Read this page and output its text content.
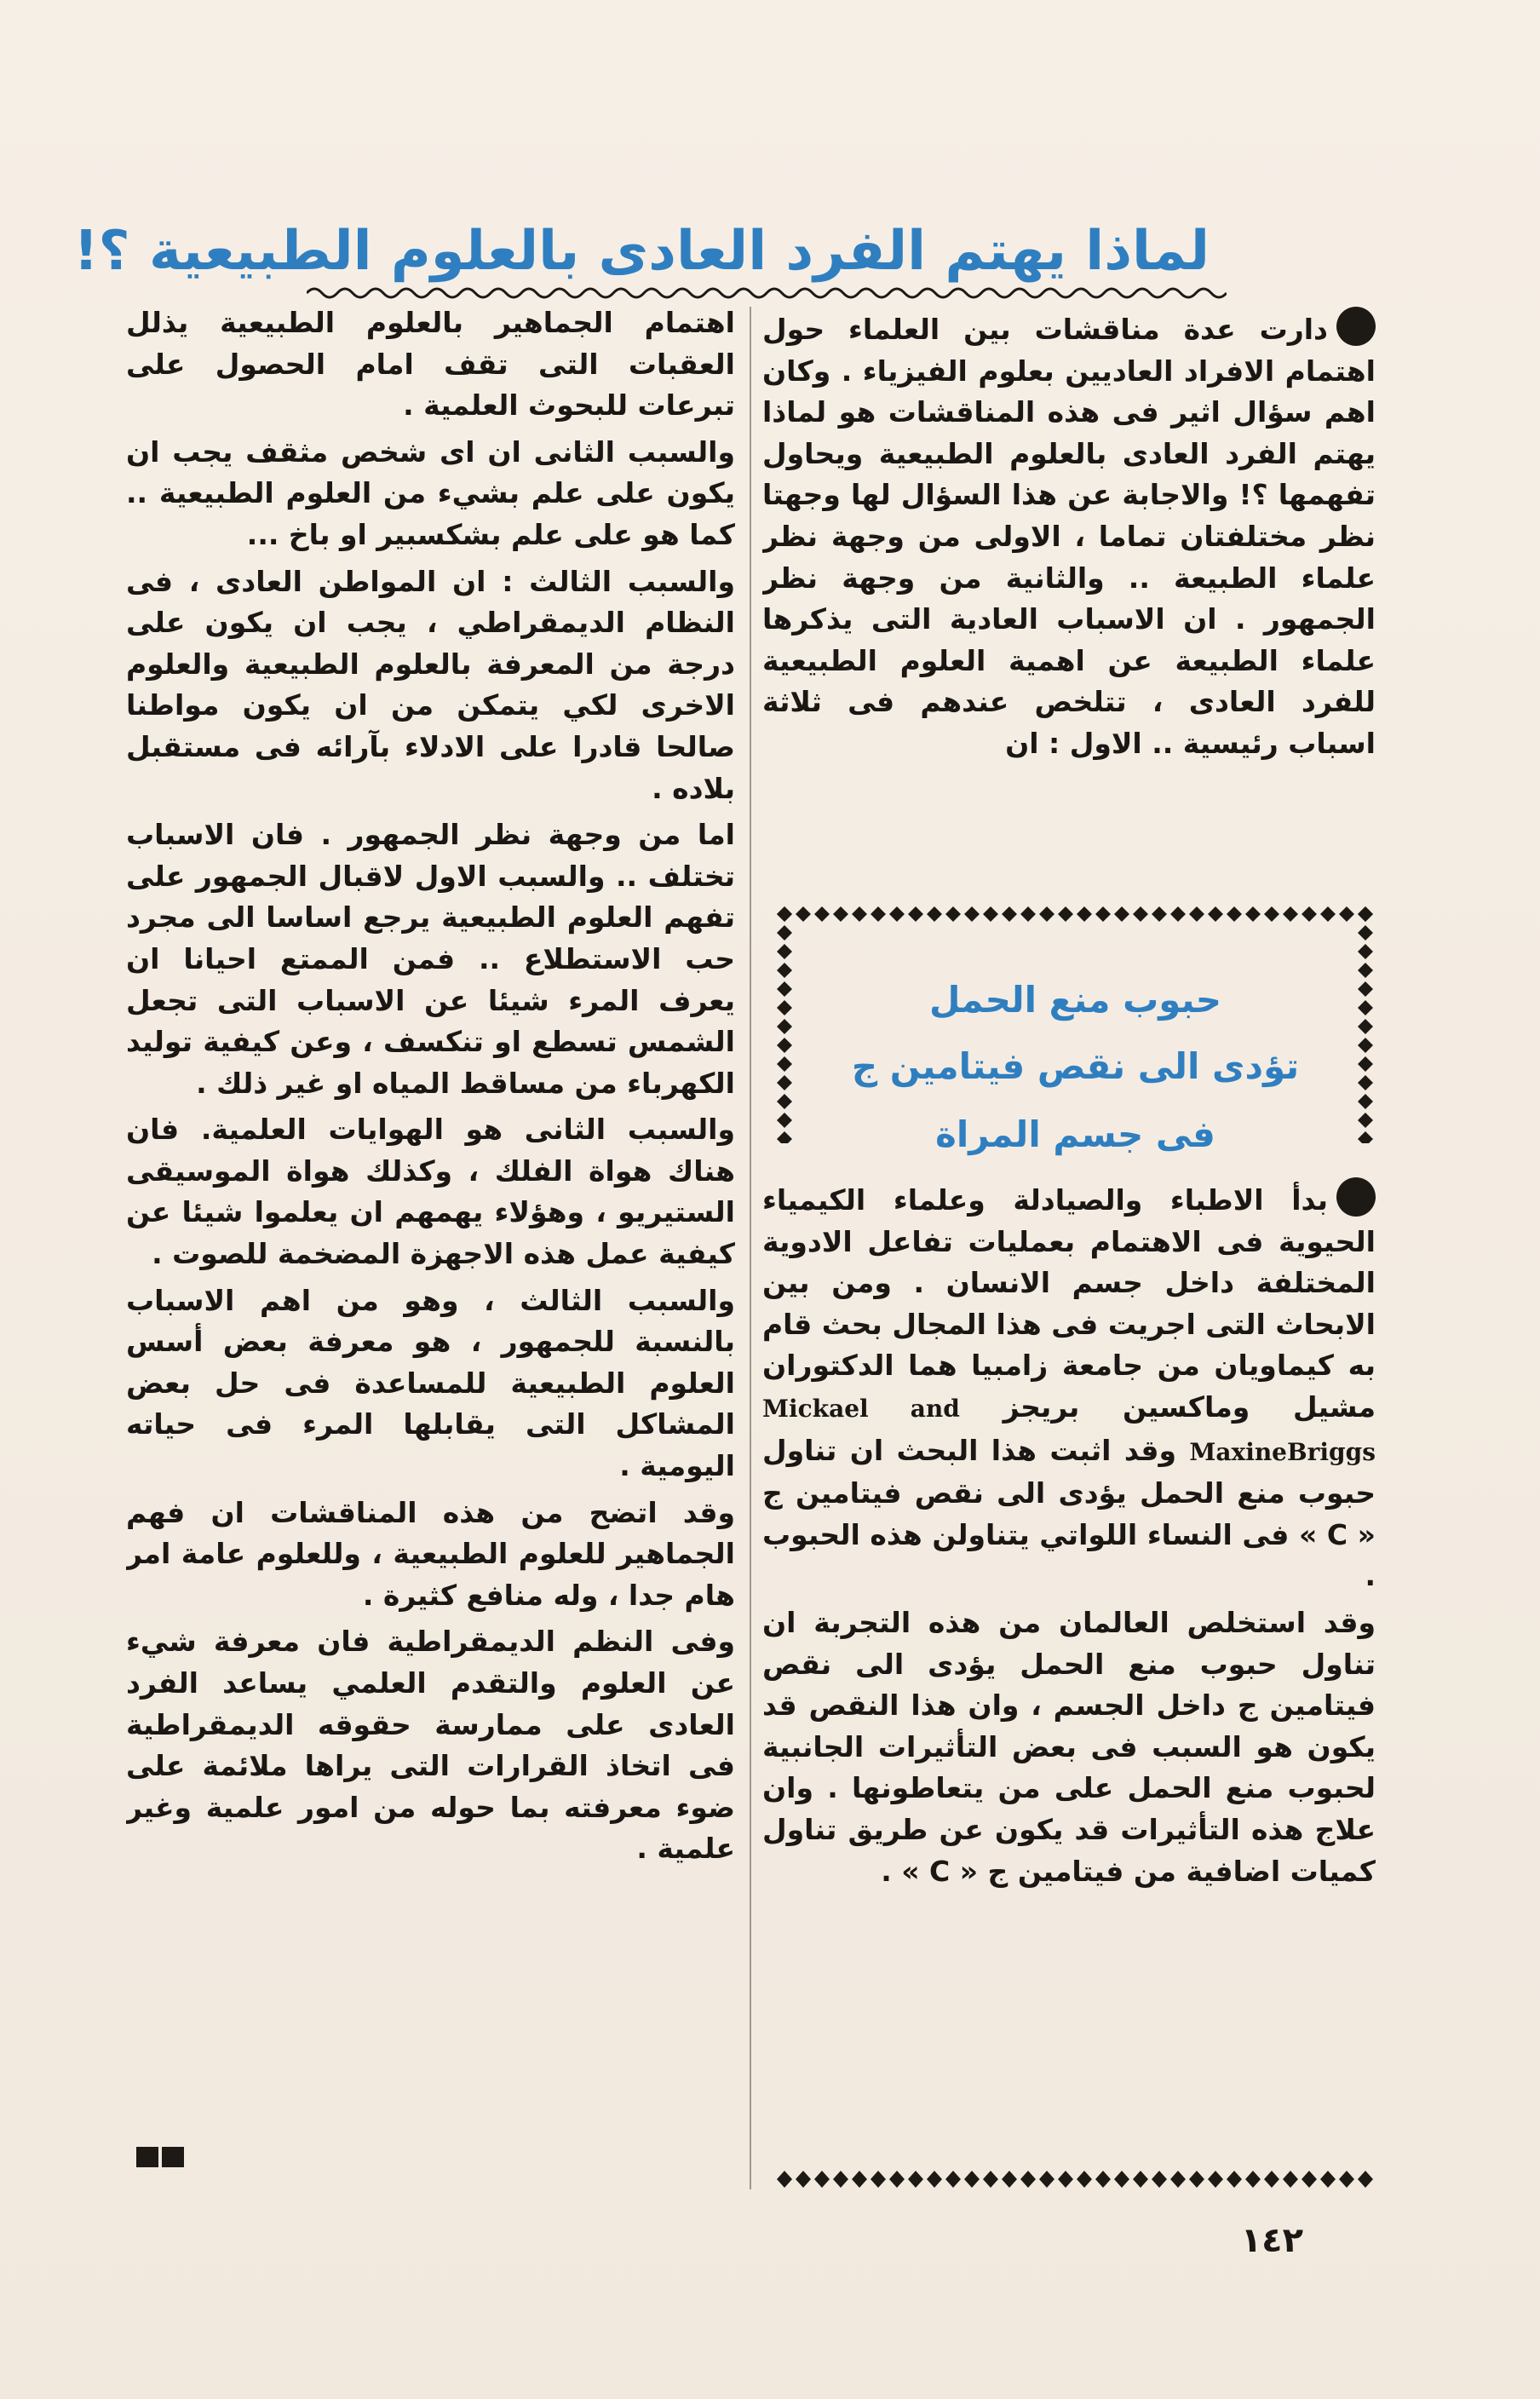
لماذا يهتم الفرد العادى بالعلوم الطبيعية ؟!

دارت عدة مناقشات بين العلماء حول اهتمام الافراد العاديين بعلوم الفيزياء . وكان اهم سؤال اثير فى هذه المناقشات هو لماذا يهتم الفرد العادى بالعلوم الطبيعية ويحاول تفهمها ؟! والاجابة عن هذا السؤال لها وجهتا نظر مختلفتان تماما ، الاولى من وجهة نظر علماء الطبيعة .. والثانية من وجهة نظر الجمهور . ان الاسباب العادية التى يذكرها علماء الطبيعة عن اهمية العلوم الطبيعية للفرد العادى ، تتلخص عندهم فى ثلاثة اسباب رئيسية .. الاول : ان

حبوب منع الحمل
تؤدى الى نقص فيتامين ج
فى جسم المراة

بدأ الاطباء والصيادلة وعلماء الكيمياء الحيوية فى الاهتمام بعمليات تفاعل الادوية المختلفة داخل جسم الانسان . ومن بين الابحاث التى اجريت فى هذا المجال بحث قام به كيماويان من جامعة زامبيا هما الدكتوران مشيل وماكسين بريجز Mickael and MaxineBriggs وقد اثبت هذا البحث ان تناول حبوب منع الحمل يؤدى الى نقص فيتامين ج « C » فى النساء اللواتي يتناولن هذه الحبوب .

وقد استخلص العالمان من هذه التجربة ان تناول حبوب منع الحمل يؤدى الى نقص فيتامين ج داخل الجسم ، وان هذا النقص قد يكون هو السبب فى بعض التأثيرات الجانبية لحبوب منع الحمل على من يتعاطونها . وان علاج هذه التأثيرات قد يكون عن طريق تناول كميات اضافية من فيتامين ج « C » .

اهتمام الجماهير بالعلوم الطبيعية يذلل العقبات التى تقف امام الحصول على تبرعات للبحوث العلمية .

والسبب الثانى ان اى شخص مثقف يجب ان يكون على علم بشيء من العلوم الطبيعية .. كما هو على علم بشكسبير او باخ ...

والسبب الثالث : ان المواطن العادى ، فى النظام الديمقراطي ، يجب ان يكون على درجة من المعرفة بالعلوم الطبيعية والعلوم الاخرى لكي يتمكن من ان يكون مواطنا صالحا قادرا على الادلاء بآرائه فى مستقبل بلاده .

اما من وجهة نظر الجمهور . فان الاسباب تختلف .. والسبب الاول لاقبال الجمهور على تفهم العلوم الطبيعية يرجع اساسا الى مجرد حب الاستطلاع .. فمن الممتع احيانا ان يعرف المرء شيئا عن الاسباب التى تجعل الشمس تسطع او تنكسف ، وعن كيفية توليد الكهرباء من مساقط المياه او غير ذلك .

والسبب الثانى هو الهوايات العلمية. فان هناك هواة الفلك ، وكذلك هواة الموسيقى الستيريو ، وهؤلاء يهمهم ان يعلموا شيئا عن كيفية عمل هذه الاجهزة المضخمة للصوت .

والسبب الثالث ، وهو من اهم الاسباب بالنسبة للجمهور ، هو معرفة بعض أسس العلوم الطبيعية للمساعدة فى حل بعض المشاكل التى يقابلها المرء فى حياته اليومية .

وقد اتضح من هذه المناقشات ان فهم الجماهير للعلوم الطبيعية ، وللعلوم عامة امر هام جدا ، وله منافع كثيرة .

وفى النظم الديمقراطية فان معرفة شيء عن العلوم والتقدم العلمي يساعد الفرد العادى على ممارسة حقوقه الديمقراطية فى اتخاذ القرارات التى يراها ملائمة على ضوء معرفته بما حوله من امور علمية وغير علمية .

١٤٢
